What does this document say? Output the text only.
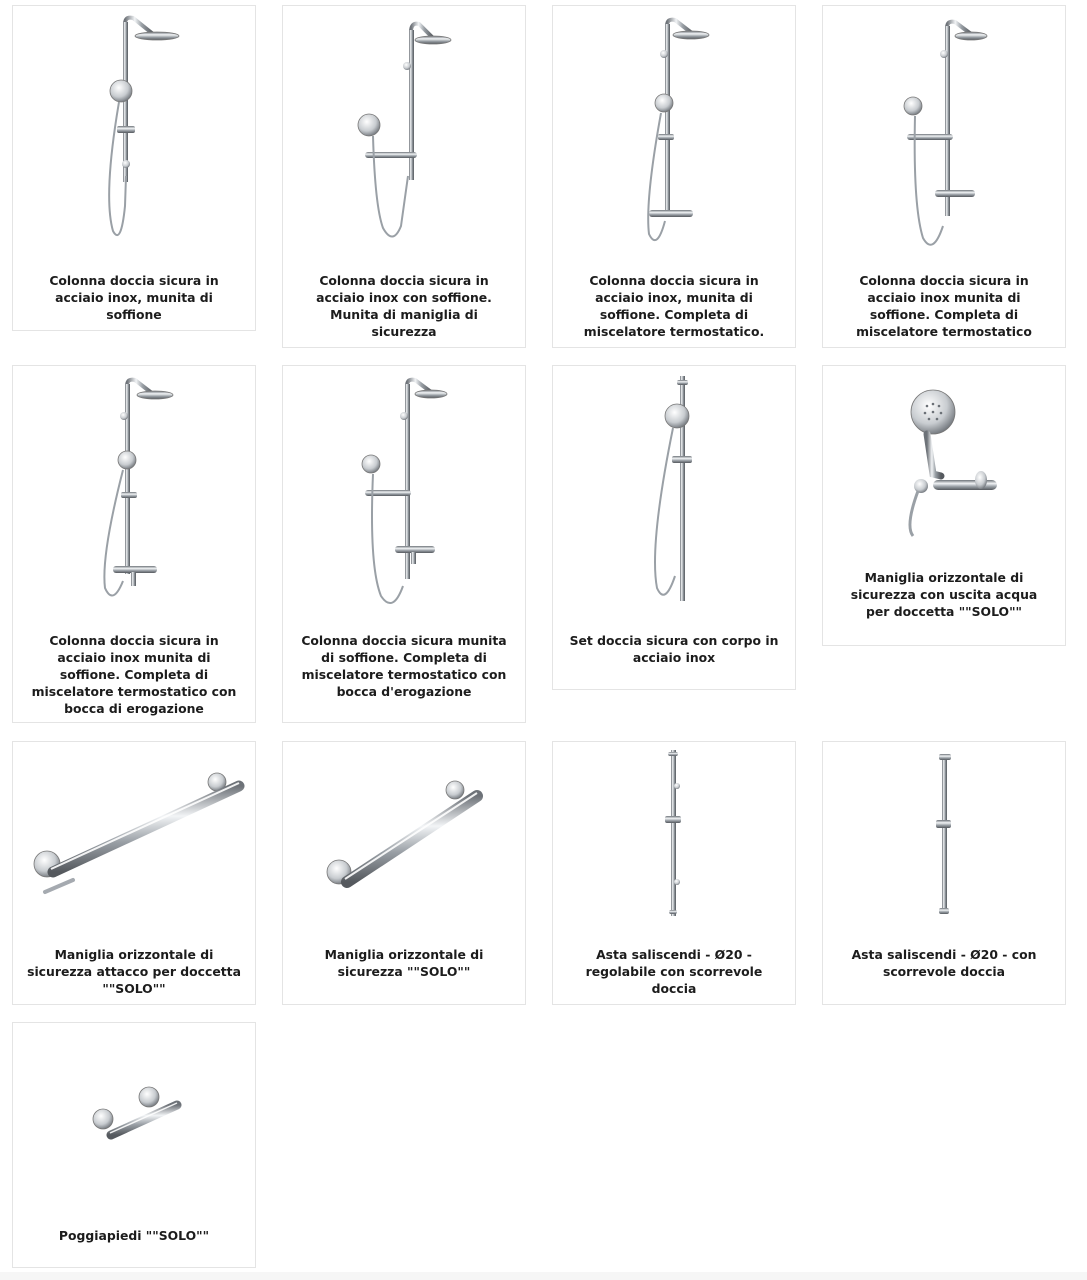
Colonna doccia sicura in acciaio inox, munita di soffione
Colonna doccia sicura in acciaio inox con soffione. Munita di maniglia di sicurezza
Colonna doccia sicura in acciaio inox, munita di soffione. Completa di miscelatore termostatico.
Colonna doccia sicura in acciaio inox munita di soffione. Completa di miscelatore termostatico
Colonna doccia sicura in acciaio inox munita di soffione. Completa di miscelatore termostatico con bocca di erogazione
Colonna doccia sicura munita di soffione. Completa di miscelatore termostatico con bocca d'erogazione
Set doccia sicura con corpo in acciaio inox
Maniglia orizzontale di sicurezza con uscita acqua per doccetta ""SOLO""
Maniglia orizzontale di sicurezza attacco per doccetta ""SOLO""
Maniglia orizzontale di sicurezza ""SOLO""
Asta saliscendi - Ø20 - regolabile con scorrevole doccia
Asta saliscendi - Ø20 - con scorrevole doccia
Poggiapiedi ""SOLO""
